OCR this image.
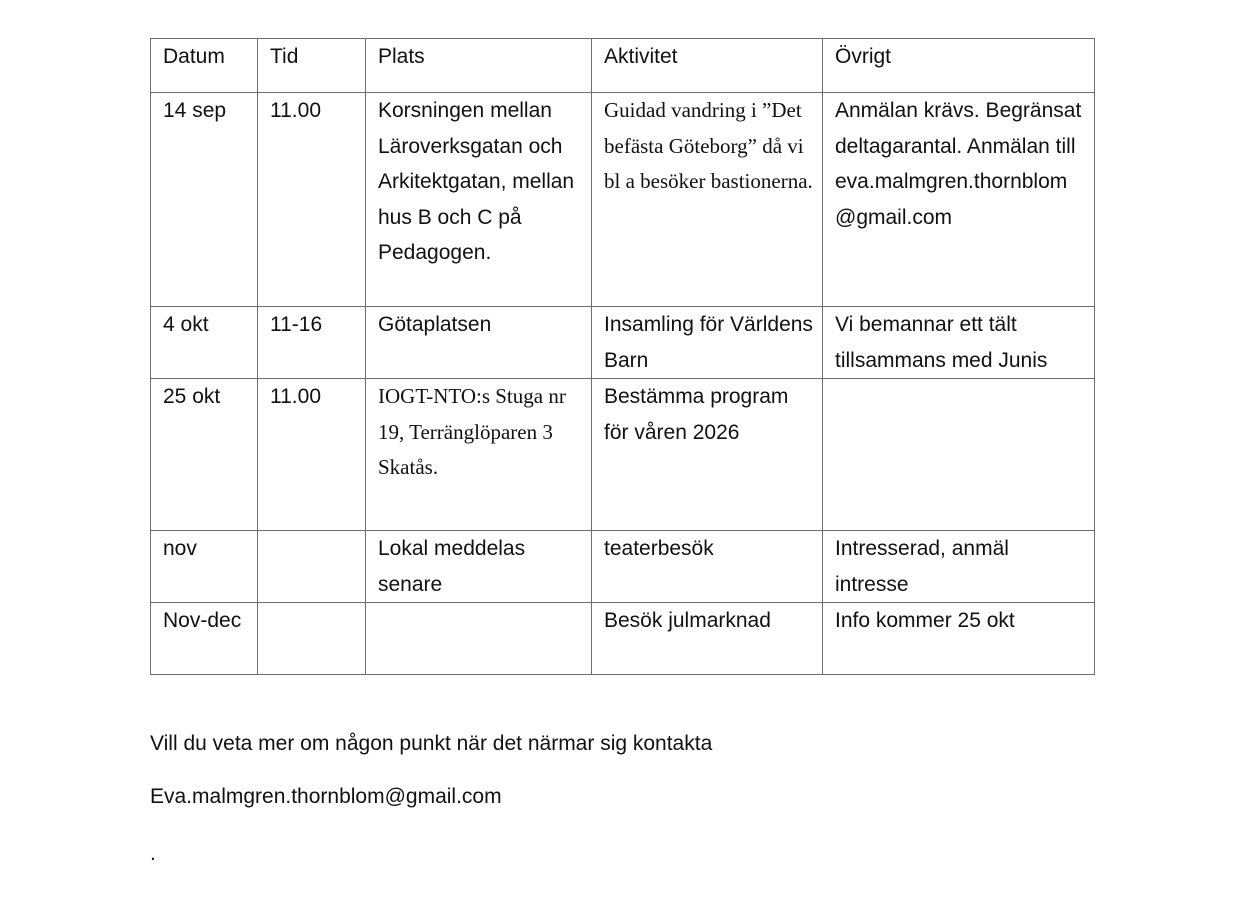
Datum	Tid	Plats	Aktivitet	Övrigt
14 sep	11.00	Korsningen mellan Läroverksgatan och Arkitektgatan, mellan hus B och C på Pedagogen.	Guidad vandring i ”Det befästa Göteborg” då vi bl a besöker bastionerna.	Anmälan krävs. Begränsat deltagarantal. Anmälan till eva.malmgren.thornblom@gmail.com
4 okt	11-16	Götaplatsen	Insamling för Världens Barn	Vi bemannar ett tält tillsammans med Junis
25 okt	11.00	IOGT-NTO:s Stuga nr 19, Terränglöparen 3 Skatås.	Bestämma program för våren 2026	
nov		Lokal meddelas senare	teaterbesök	Intresserad, anmäl intresse
Nov-dec			Besök julmarknad	Info kommer 25 okt
Vill du veta mer om någon punkt när det närmar sig kontakta
Eva.malmgren.thornblom@gmail.com
.
